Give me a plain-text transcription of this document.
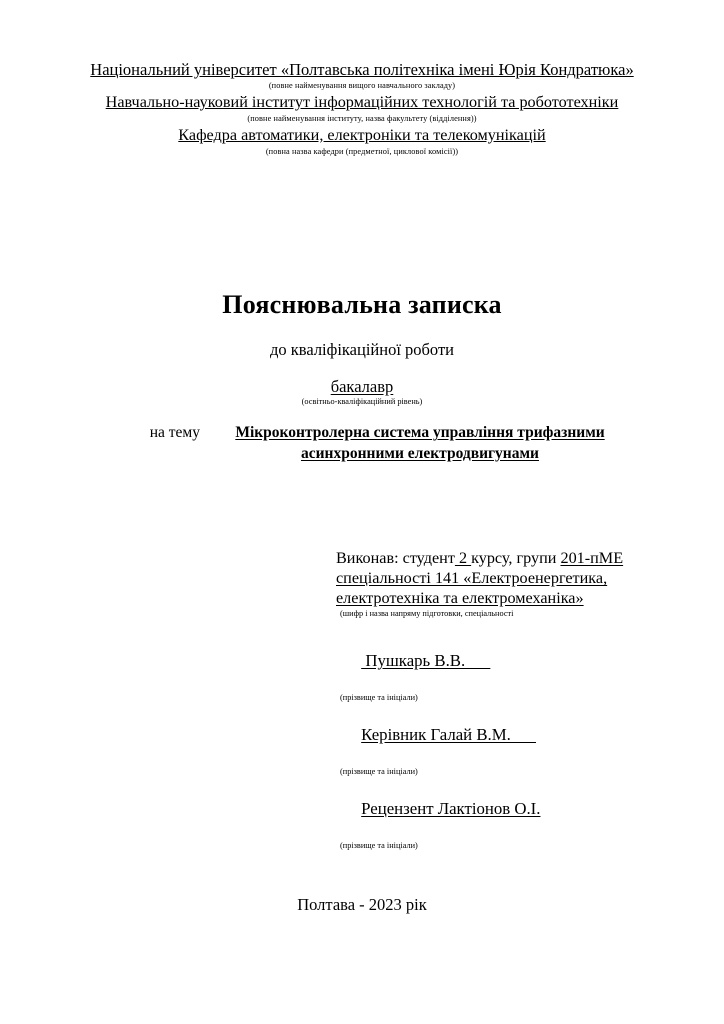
Національний університет «Полтавська політехніка імені Юрія Кондратюка»
(повне найменування вищого навчального закладу)
Навчально-науковий інститут інформаційних технологій та робототехніки
(повне найменування інституту, назва факультету (відділення))
Кафедра автоматики, електроніки та телекомунікацій
(повна назва кафедри (предметної, циклової комісії))
Пояснювальна записка
до кваліфікаційної роботи
бакалавр
(освітньо-кваліфікаційний рівень)
на тему	Мікроконтролерна система управління трифазними асинхронними електродвигунами
Виконав: студент 2 курсу, групи 201-пМЕ
спеціальності 141 «Електроенергетика,
електротехніка та електромеханіка»
(шифр і назва напряму підготовки, спеціальності

Пушкарь В.В.

(прізвище та ініціали)

Керівник Галай В.М.

(прізвище та ініціали)

Рецензент Лактіонов О.І.

(прізвище та ініціали)
Полтава - 2023 рік
